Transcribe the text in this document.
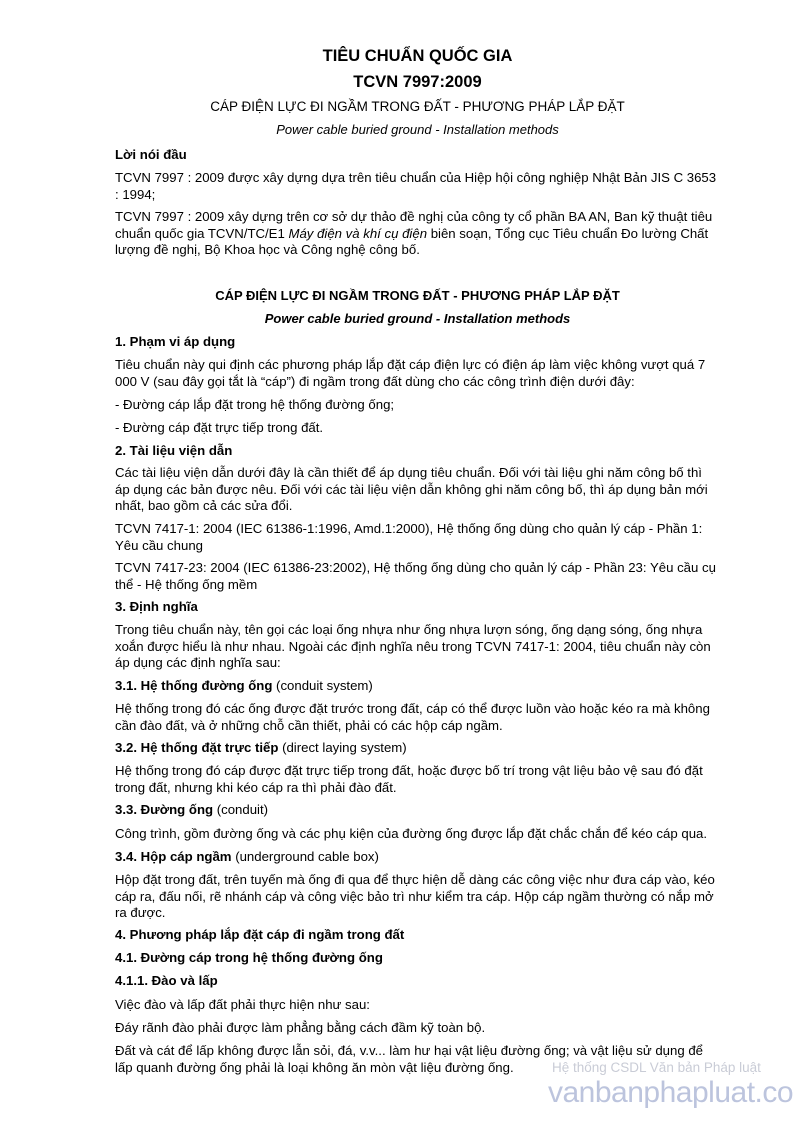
TIÊU CHUẨN QUỐC GIA
TCVN 7997:2009
CÁP ĐIỆN LỰC ĐI NGẦM TRONG ĐẤT - PHƯƠNG PHÁP LẮP ĐẶT
Power cable buried ground - Installation methods

Lời nói đầu

TCVN 7997 : 2009 được xây dựng dựa trên tiêu chuẩn của Hiệp hội công nghiệp Nhật Bản JIS C 3653 : 1994;

TCVN 7997 : 2009 xây dựng trên cơ sở dự thảo đề nghị của công ty cổ phần BA AN, Ban kỹ thuật tiêu chuẩn quốc gia TCVN/TC/E1 Máy điện và khí cụ điện biên soạn, Tổng cục Tiêu chuẩn Đo lường Chất lượng đề nghị, Bộ Khoa học và Công nghệ công bố.

CÁP ĐIỆN LỰC ĐI NGẦM TRONG ĐẤT - PHƯƠNG PHÁP LẮP ĐẶT
Power cable buried ground - Installation methods

1. Phạm vi áp dụng

Tiêu chuẩn này qui định các phương pháp lắp đặt cáp điện lực có điện áp làm việc không vượt quá 7 000 V (sau đây gọi tắt là “cáp”) đi ngầm trong đất dùng cho các công trình điện dưới đây:

- Đường cáp lắp đặt trong hệ thống đường ống;

- Đường cáp đặt trực tiếp trong đất.

2. Tài liệu viện dẫn

Các tài liệu viện dẫn dưới đây là cần thiết để áp dụng tiêu chuẩn. Đối với tài liệu ghi năm công bố thì áp dụng các bản được nêu. Đối với các tài liệu viện dẫn không ghi năm công bố, thì áp dụng bản mới nhất, bao gồm cả các sửa đổi.

TCVN 7417-1: 2004 (IEC 61386-1:1996, Amd.1:2000), Hệ thống ống dùng cho quản lý cáp - Phần 1: Yêu cầu chung

TCVN 7417-23: 2004 (IEC 61386-23:2002), Hệ thống ống dùng cho quản lý cáp - Phần 23: Yêu cầu cụ thể - Hệ thống ống mềm

3. Định nghĩa

Trong tiêu chuẩn này, tên gọi các loại ống nhựa như ống nhựa lượn sóng, ống dạng sóng, ống nhựa xoắn được hiểu là như nhau. Ngoài các định nghĩa nêu trong TCVN 7417-1: 2004, tiêu chuẩn này còn áp dụng các định nghĩa sau:

3.1. Hệ thống đường ống (conduit system)

Hệ thống trong đó các ống được đặt trước trong đất, cáp có thể được luồn vào hoặc kéo ra mà không cần đào đất, và ở những chỗ cần thiết, phải có các hộp cáp ngầm.

3.2. Hệ thống đặt trực tiếp (direct laying system)

Hệ thống trong đó cáp được đặt trực tiếp trong đất, hoặc được bố trí trong vật liệu bảo vệ sau đó đặt trong đất, nhưng khi kéo cáp ra thì phải đào đất.

3.3. Đường ống (conduit)

Công trình, gồm đường ống và các phụ kiện của đường ống được lắp đặt chắc chắn để kéo cáp qua.

3.4. Hộp cáp ngầm (underground cable box)

Hộp đặt trong đất, trên tuyến mà ống đi qua để thực hiện dễ dàng các công việc như đưa cáp vào, kéo cáp ra, đấu nối, rẽ nhánh cáp và công việc bảo trì như kiểm tra cáp. Hộp cáp ngầm thường có nắp mở ra được.

4. Phương pháp lắp đặt cáp đi ngầm trong đất

4.1. Đường cáp trong hệ thống đường ống

4.1.1. Đào và lấp

Việc đào và lấp đất phải thực hiện như sau:

Đáy rãnh đào phải được làm phẳng bằng cách đầm kỹ toàn bộ.

Đất và cát để lấp không được lẫn sỏi, đá, v.v... làm hư hại vật liệu đường ống; và vật liệu sử dụng để lấp quanh đường ống phải là loại không ăn mòn vật liệu đường ống.	Hệ thống CSDL Văn bản Pháp luật
vanbanphapluat.co
